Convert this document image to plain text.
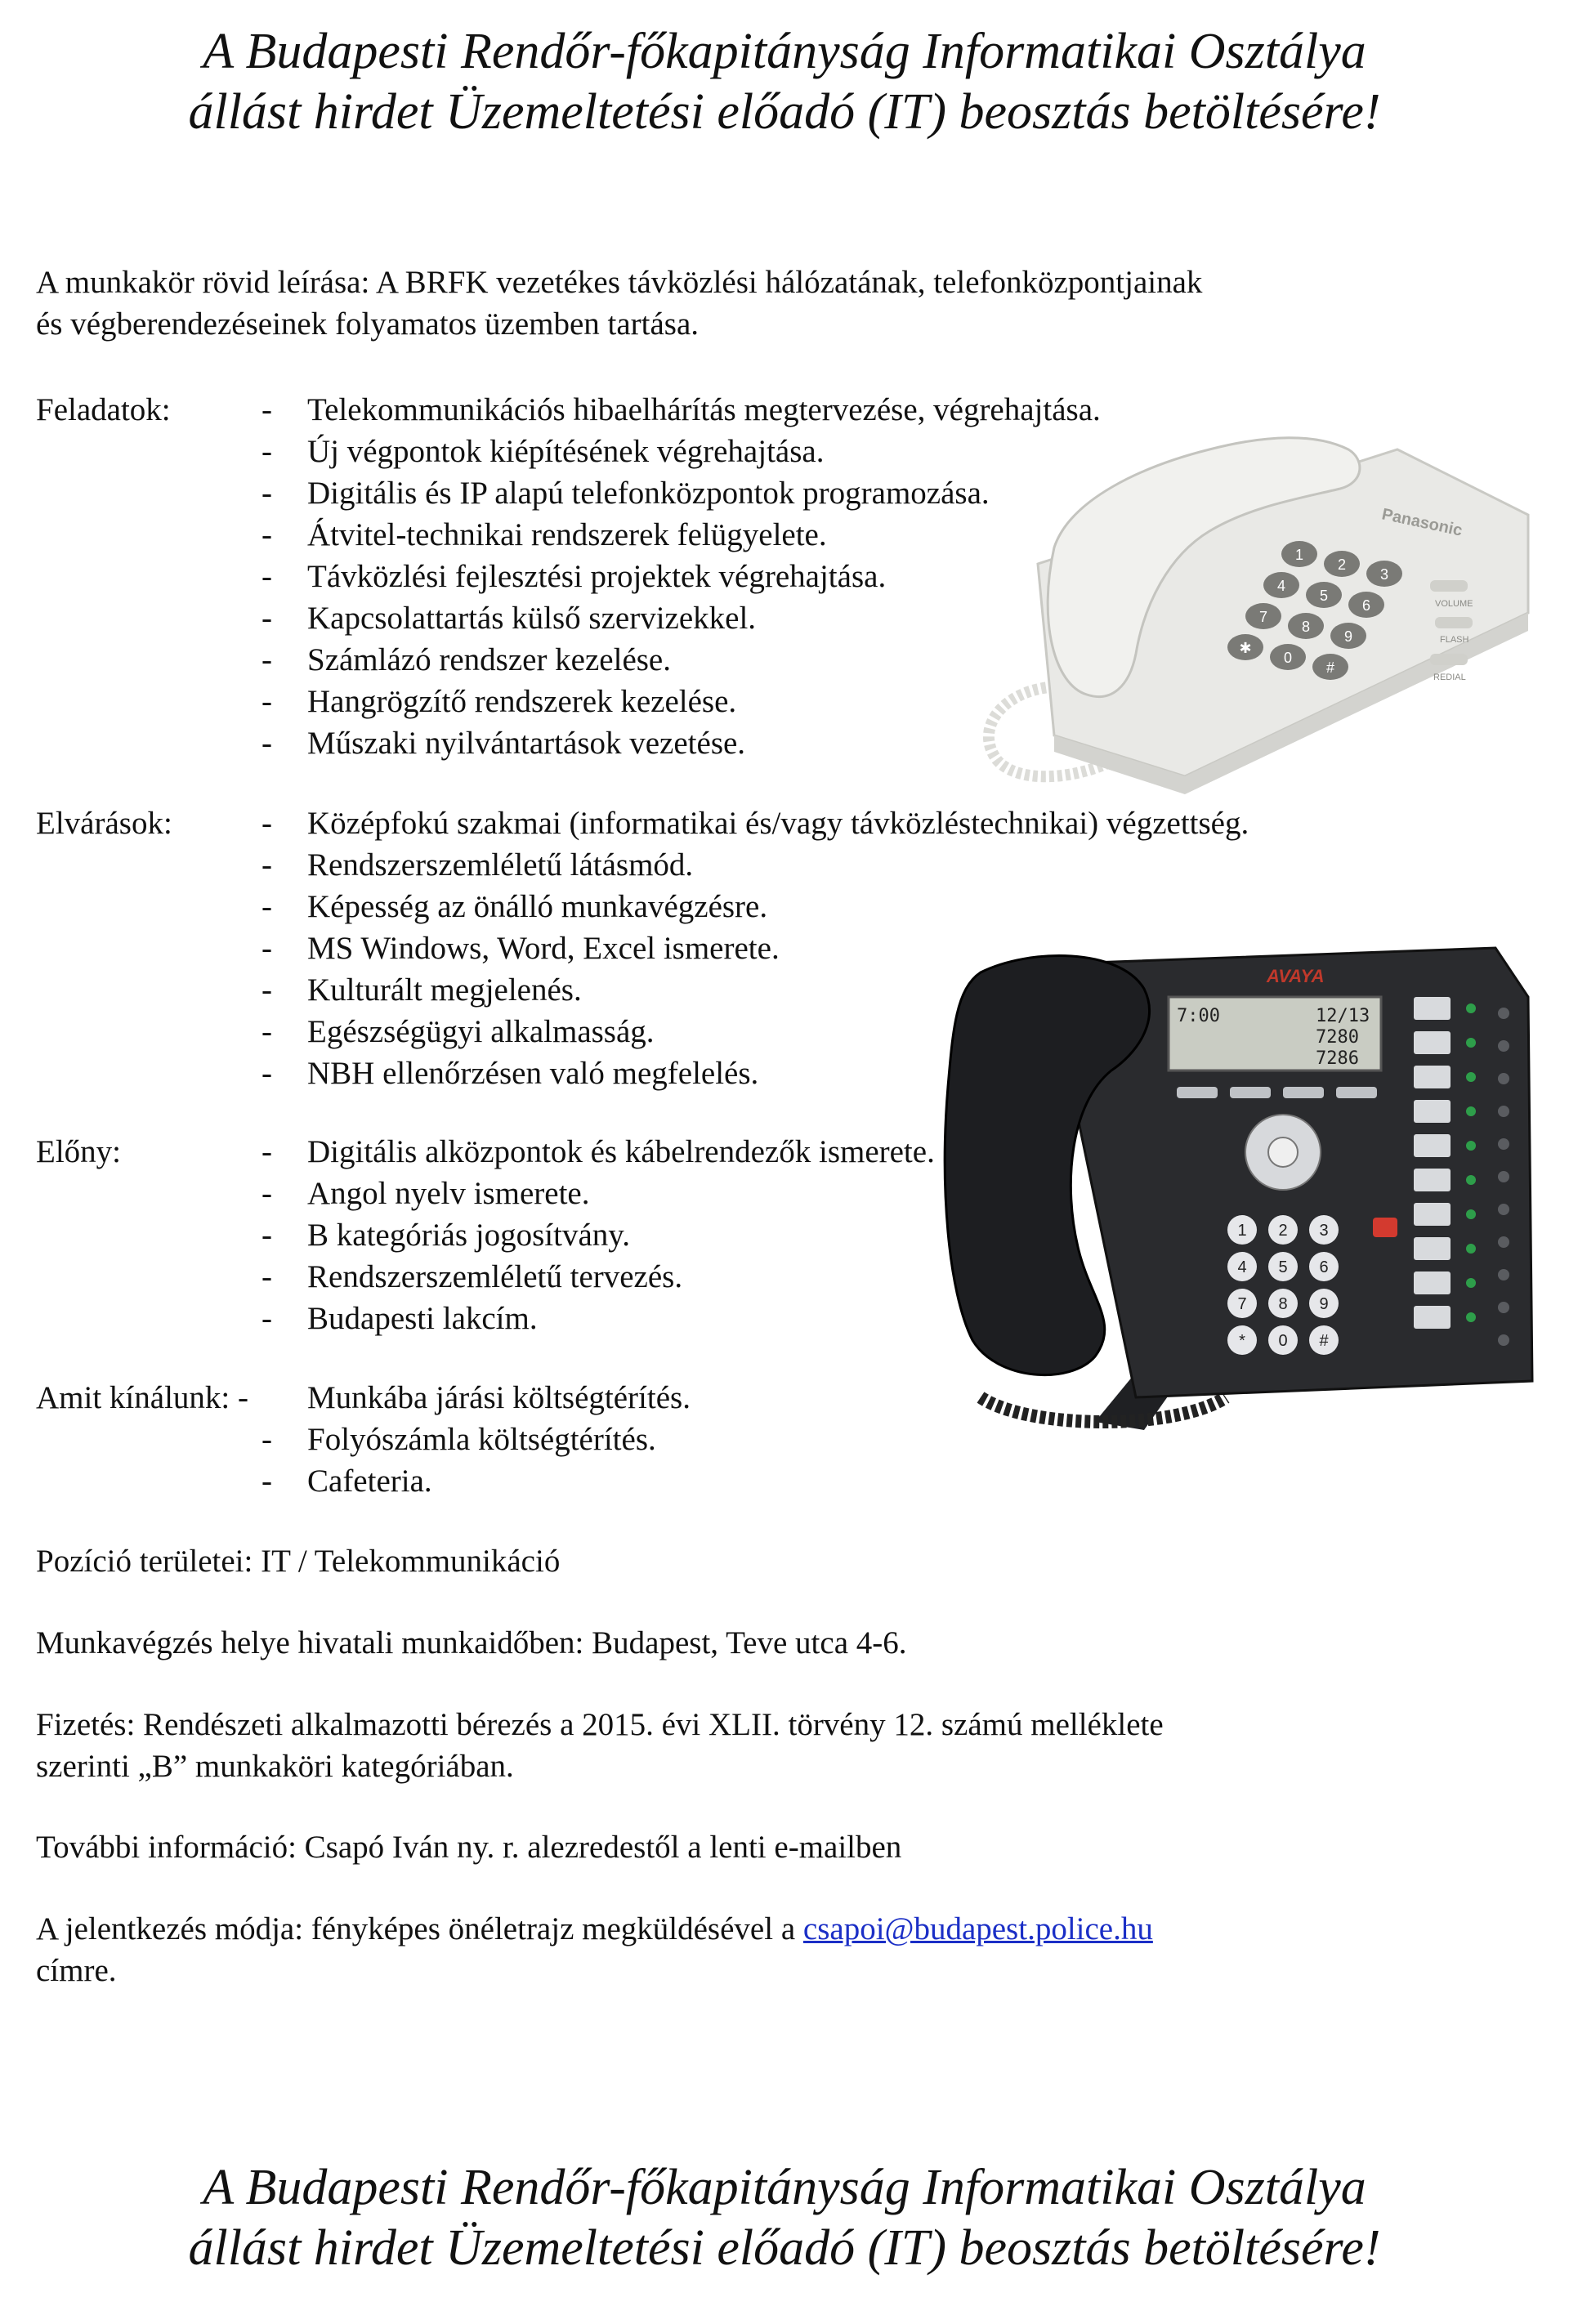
A Budapesti Rendőr-főkapitányság Informatikai Osztálya
állást hirdet Üzemeltetési előadó (IT) beosztás betöltésére!
A munkakör rövid leírása: A BRFK vezetékes távközlési hálózatának, telefonközpontjainak
és végberendezéseinek folyamatos üzemben tartása.
Panasonic
1
2
3
4
5
6
7
8
9
✱
0
#
VOLUME
FLASH
REDIAL
AVAYA
7:00	12/13
7280
7286
1 2 3
4 5 6
7 8 9
* 0 #
Feladatok:	- Telekommunikációs hibaelhárítás megtervezése, végrehajtása.
- Új végpontok kiépítésének végrehajtása.
- Digitális és IP alapú telefonközpontok programozása.
- Átvitel-technikai rendszerek felügyelete.
- Távközlési fejlesztési projektek végrehajtása.
- Kapcsolattartás külső szervizekkel.
- Számlázó rendszer kezelése.
- Hangrögzítő rendszerek kezelése.
- Műszaki nyilvántartások vezetése.
Elvárások:	- Középfokú szakmai (informatikai és/vagy távközléstechnikai) végzettség.
- Rendszerszemléletű látásmód.
- Képesség az önálló munkavégzésre.
- MS Windows, Word, Excel ismerete.
- Kulturált megjelenés.
- Egészségügyi alkalmasság.
- NBH ellenőrzésen való megfelelés.
Előny:	- Digitális alközpontok és kábelrendezők ismerete.
- Angol nyelv ismerete.
- B kategóriás jogosítvány.
- Rendszerszemléletű tervezés.
- Budapesti lakcím.
Amit kínálunk: -	Munkába járási költségtérítés.
- Folyószámla költségtérítés.
- Cafeteria.
Pozíció területei: IT / Telekommunikáció
Munkavégzés helye hivatali munkaidőben: Budapest, Teve utca 4-6.
Fizetés: Rendészeti alkalmazotti bérezés a 2015. évi XLII. törvény 12. számú melléklete
szerinti „B” munkaköri kategóriában.
További információ: Csapó Iván ny. r. alezredestől a lenti e-mailben
A jelentkezés módja: fényképes önéletrajz megküldésével a csapoi@budapest.police.hu
címre.
A Budapesti Rendőr-főkapitányság Informatikai Osztálya
állást hirdet Üzemeltetési előadó (IT) beosztás betöltésére!
